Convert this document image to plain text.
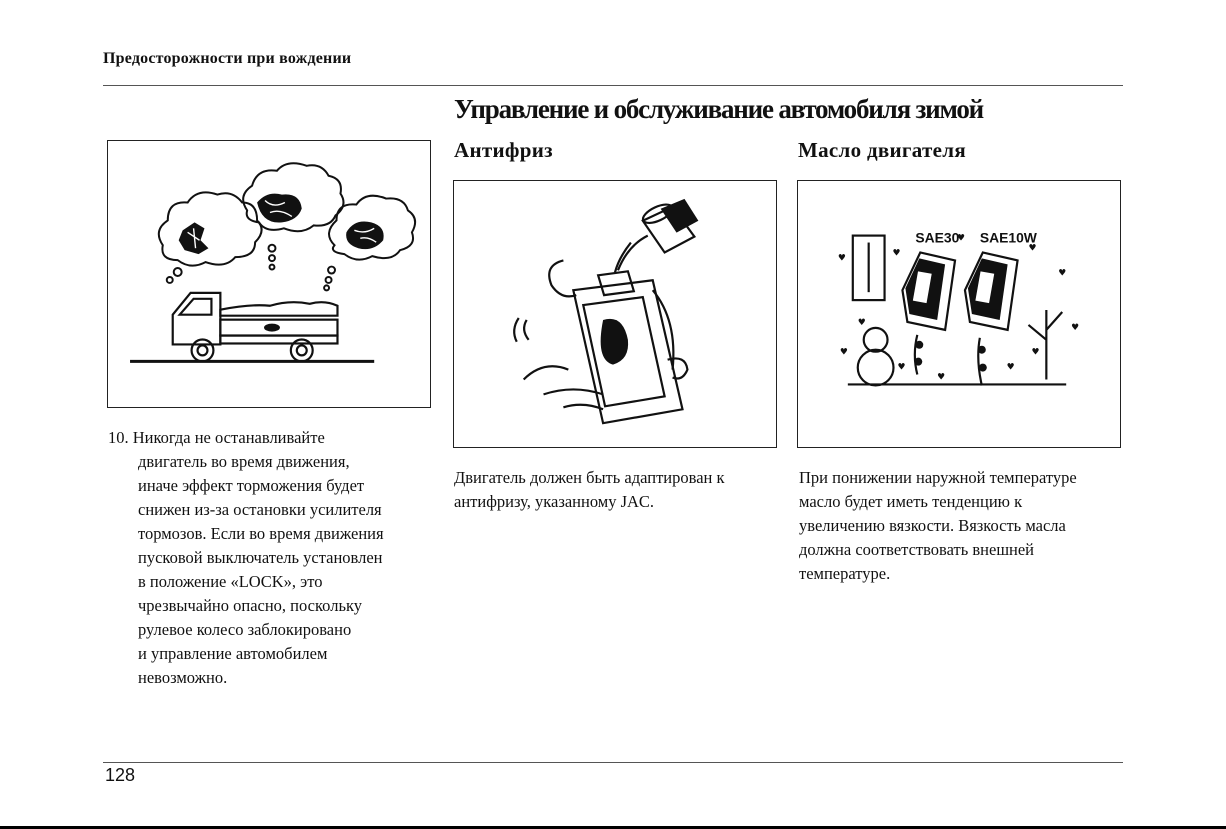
Предосторожности при вождении
Управление и обслуживание автомобиля зимой
10. Никогда не останавливайте
двигатель во время движения,
иначе эффект торможения будет
снижен из-за остановки усилителя
тормозов. Если во время движения
пусковой выключатель установлен
в положение «LOCK», это
чрезвычайно опасно, поскольку
рулевое колесо заблокировано
и управление автомобилем
невозможно.
Антифриз
Двигатель должен быть адаптирован к
антифризу, указанному JAC.
Масло двигателя
SAE30 SAE10W
♥	♥	♥
♥
♥
♥
♥
♥
♥
♥
♥
♥
При понижении наружной температуре
масло будет иметь тенденцию к
увеличению вязкости. Вязкость масла
должна соответствовать внешней
температуре.
128
